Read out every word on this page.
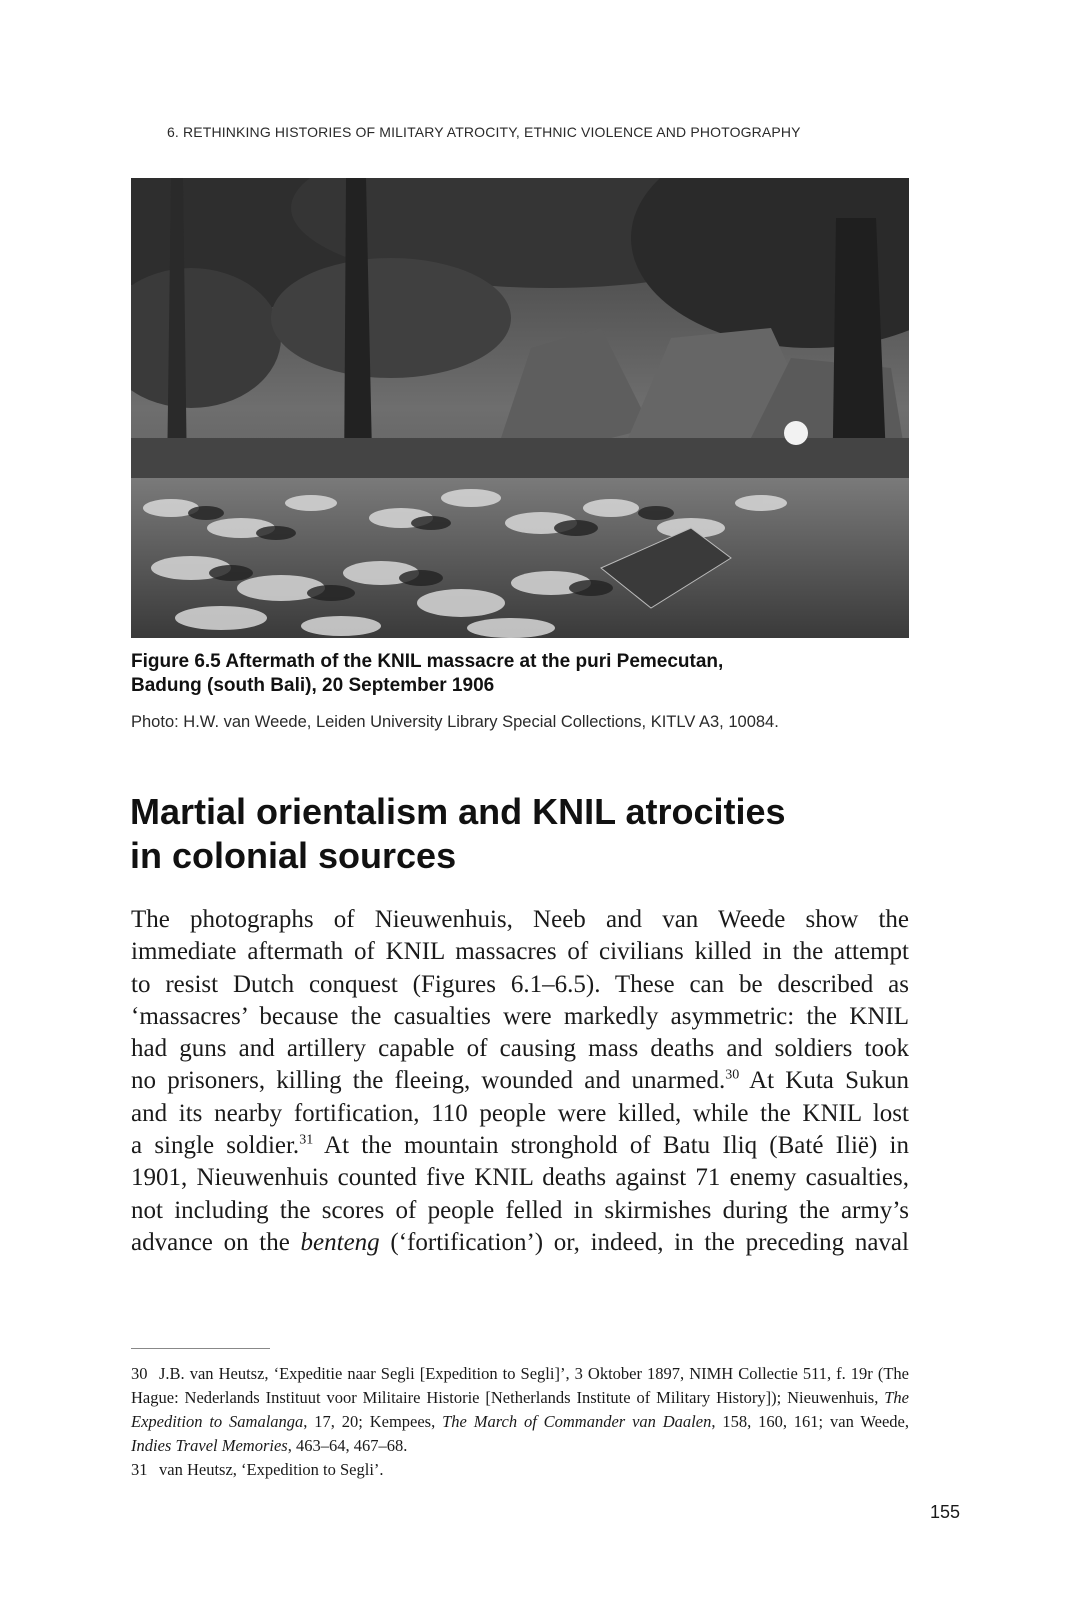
6. RETHINKING HISTORIES OF MILITARY ATROCITY, ETHNIC VIOLENCE AND PHOTOGRAPHY
Figure 6.5 Aftermath of the KNIL massacre at the puri Pemecutan,
Badung (south Bali), 20 September 1906
Photo: H.W. van Weede, Leiden University Library Special Collections, KITLV A3, 10084.
Martial orientalism and KNIL atrocities
in colonial sources
The photographs of Nieuwenhuis, Neeb and van Weede show the
immediate aftermath of KNIL massacres of civilians killed in the attempt
to resist Dutch conquest (Figures 6.1–6.5). These can be described as
‘massacres’ because the casualties were markedly asymmetric: the KNIL
had guns and artillery capable of causing mass deaths and soldiers took
no prisoners, killing the fleeing, wounded and unarmed.$^{30}$ At Kuta Sukun
and its nearby fortification, 110 people were killed, while the KNIL lost
a single soldier.$^{31}$ At the mountain stronghold of Batu Iliq (Baté Iliё) in
1901, Nieuwenhuis counted five KNIL deaths against 71 enemy casualties,
not including the scores of people felled in skirmishes during the army’s
advance on the benteng (‘fortification’) or, indeed, in the preceding naval

30 J.B. van Heutsz, ‘Expeditie naar Segli [Expedition to Segli]’, 3 Oktober 1897, NIMH Collectie 511, f. 19r (The Hague: Nederlands Instituut voor Militaire Historie [Netherlands Institute of Military History]); Nieuwenhuis, The Expedition to Samalanga, 17, 20; Kempees, The March of Commander van Daalen, 158, 160, 161; van Weede, Indies Travel Memories, 463–64, 467–68.

31 van Heutsz, ‘Expedition to Segli’.

155
